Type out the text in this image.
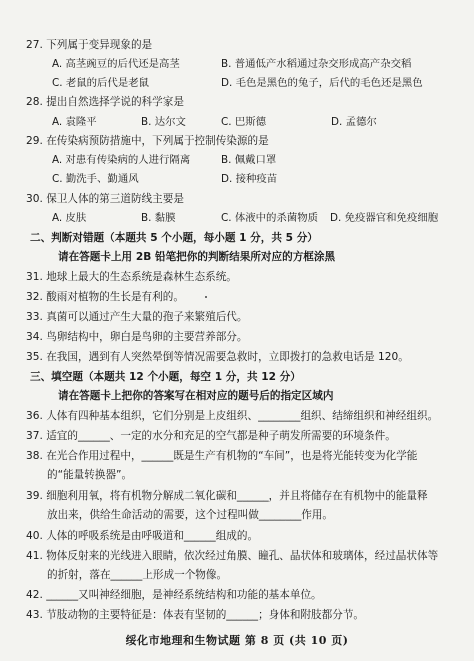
27. 下列属于变异现象的是
A. 高茎豌豆的后代还是高茎	B. 普通低产水稻通过杂交形成高产杂交稻
C. 老鼠的后代是老鼠	D. 毛色是黑色的兔子，后代的毛色还是黑色
28. 提出自然选择学说的科学家是
A. 袁隆平	B. 达尔文	C. 巴斯德	D. 孟德尔
29. 在传染病预防措施中，下列属于控制传染源的是
A. 对患有传染病的人进行隔离	B. 佩戴口罩
C. 勤洗手、勤通风	D. 接种疫苗
30. 保卫人体的第三道防线主要是
A. 皮肤	B. 黏膜	C. 体液中的杀菌物质 D. 免疫器官和免疫细胞
二、判断对错题（本题共 5 个小题，每小题 1 分，共 5 分）
请在答题卡上用 2B 铅笔把你的判断结果所对应的方框涂黑
31. 地球上最大的生态系统是森林生态系统。
32. 酸雨对植物的生长是有利的。
33. 真菌可以通过产生大量的孢子来繁殖后代。
34. 鸟卵结构中，卵白是鸟卵的主要营养部分。
35. 在我国，遇到有人突然晕倒等情况需要急救时，立即拨打的急救电话是 120。
三、填空题（本题共 12 个小题，每空 1 分，共 12 分）
请在答题卡上把你的答案写在相对应的题号后的指定区域内
36. 人体有四种基本组织，它们分别是上皮组织、________组织、结缔组织和神经组织。
37. 适宜的______、一定的水分和充足的空气都是种子萌发所需要的环境条件。
38. 在光合作用过程中，______既是生产有机物的“车间”，也是将光能转变为化学能
的“能量转换器”。
39. 细胞利用氧，将有机物分解成二氧化碳和______，并且将储存在有机物中的能量释
放出来，供给生命活动的需要，这个过程叫做________作用。
40. 人体的呼吸系统是由呼吸道和______组成的。
41. 物体反射来的光线进入眼睛，依次经过角膜、瞳孔、晶状体和玻璃体，经过晶状体等
的折射，落在______上形成一个物像。
42. ______又叫神经细胞，是神经系统结构和功能的基本单位。
43. 节肢动物的主要特征是：体表有坚韧的______；身体和附肢都分节。
绥化市地理和生物试题 第 8 页 (共 10 页)
